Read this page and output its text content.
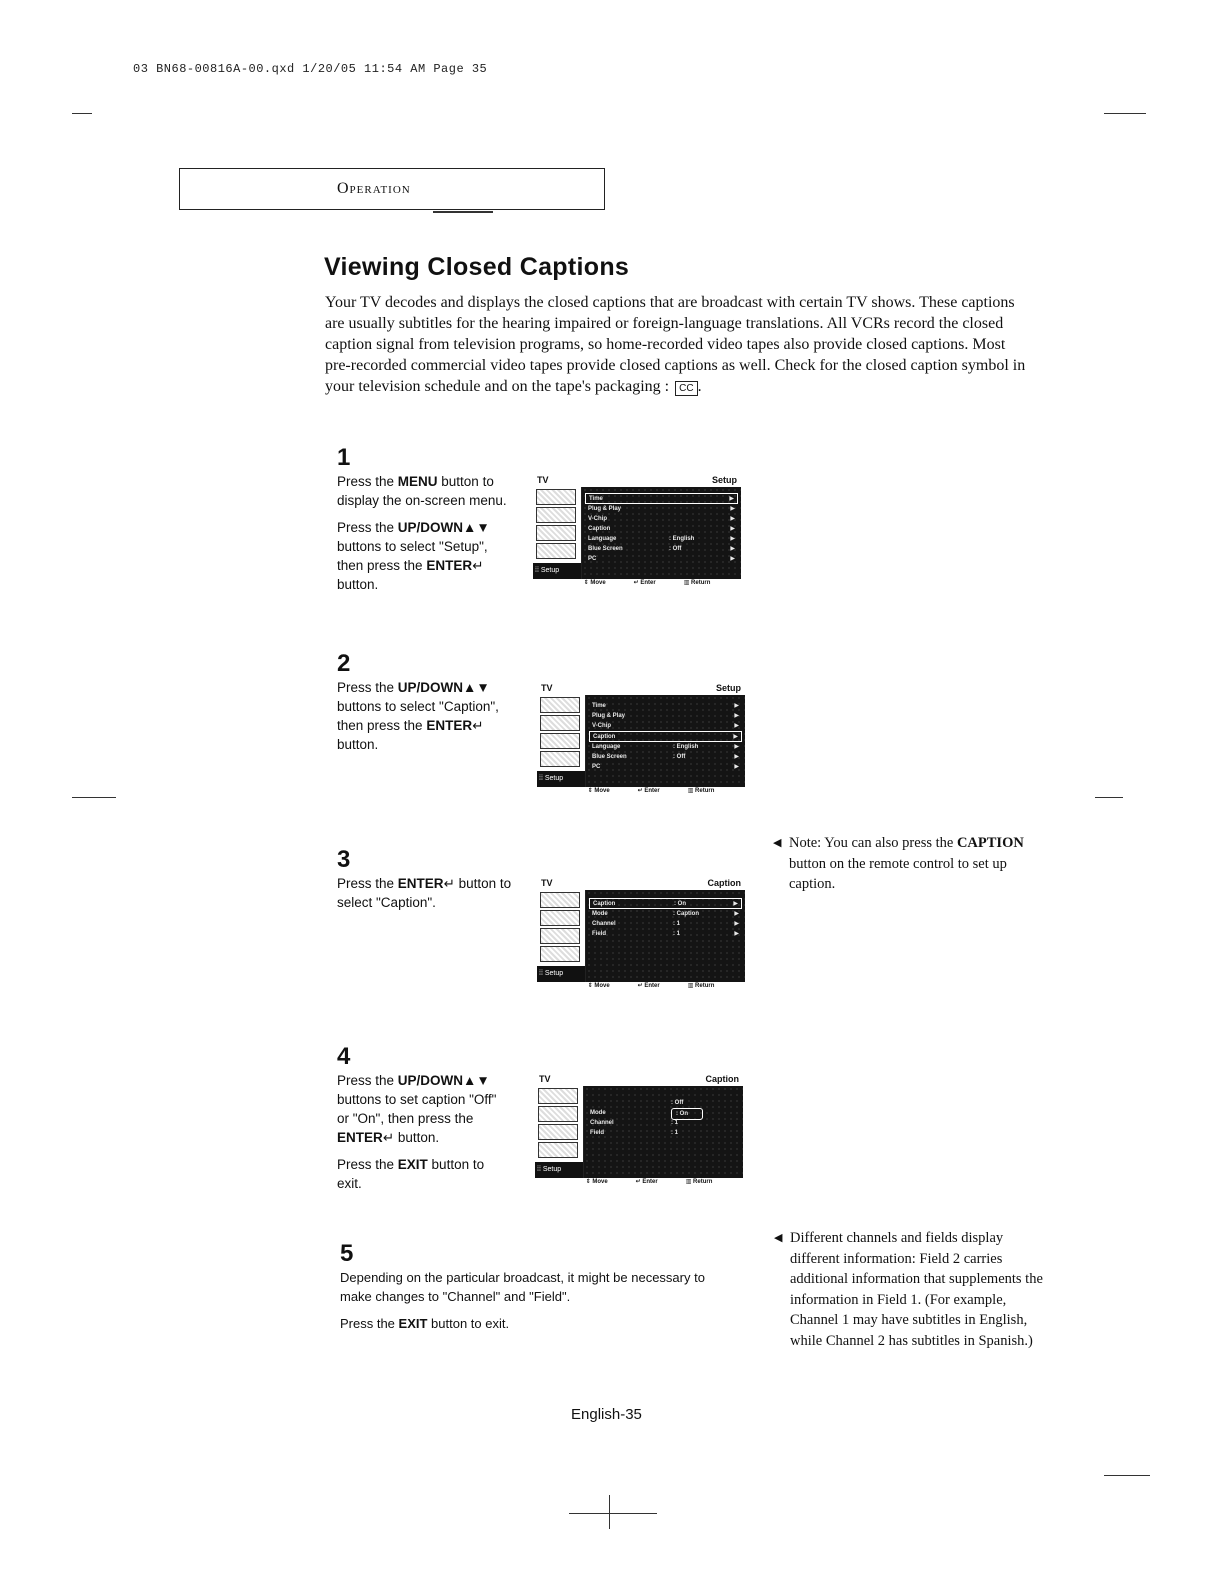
03 BN68-00816A-00.qxd 1/20/05 11:54 AM Page 35
Operation
Viewing Closed Captions
Your TV decodes and displays the closed captions that are broadcast with certain TV shows. These captions are usually subtitles for the hearing impaired or foreign-language translations. All VCRs record the closed caption signal from television programs, so home-recorded video tapes also provide closed captions. Most pre-recorded commercial video tapes provide closed captions as well. Check for the closed caption symbol in your television schedule and on the tape's packaging : CC .
1

Press the MENU button to display the on-screen menu.

Press the UP/DOWN▲▼ buttons to select "Setup", then press the ENTER↵ button.

TV	Setup
⁞⁞ Setup
Time	▶
Plug & Play	▶
V-Chip	▶
Caption	▶
Language	: English	▶
Blue Screen	: Off	▶
PC	▶
⇕ Move	↵ Enter	▥ Return
2

Press the UP/DOWN▲▼ buttons to select "Caption", then press the ENTER↵ button.

TV	Setup
⁞⁞ Setup
Time	▶
Plug & Play	▶
V-Chip	▶
Caption	▶
Language	: English	▶
Blue Screen	: Off	▶
PC	▶
⇕ Move	↵ Enter	▥ Return
3

Press the ENTER↵ button to select "Caption".

TV	Caption
⁞⁞ Setup
Caption	: On	▶
Mode	: Caption	▶
Channel	: 1	▶
Field	: 1	▶
⇕ Move	↵ Enter	▥ Return
4

Press the UP/DOWN▲▼ buttons to set caption "Off" or "On", then press the ENTER↵ button.

Press the EXIT button to exit.

TV	Caption
⁞⁞ Setup
: Off
Mode	: On
Channel	: 1
Field	: 1
⇕ Move	↵ Enter	▥ Return
5

Depending on the particular broadcast, it might be necessary to make changes to "Channel" and "Field".

Press the EXIT button to exit.

◀ Note: You can also press the CAPTION button on the remote control to set up caption.
◀ Different channels and fields display different information: Field 2 carries additional information that supplements the information in Field 1. (For example, Channel 1 may have subtitles in English, while Channel 2 has subtitles in Spanish.)
English-35
